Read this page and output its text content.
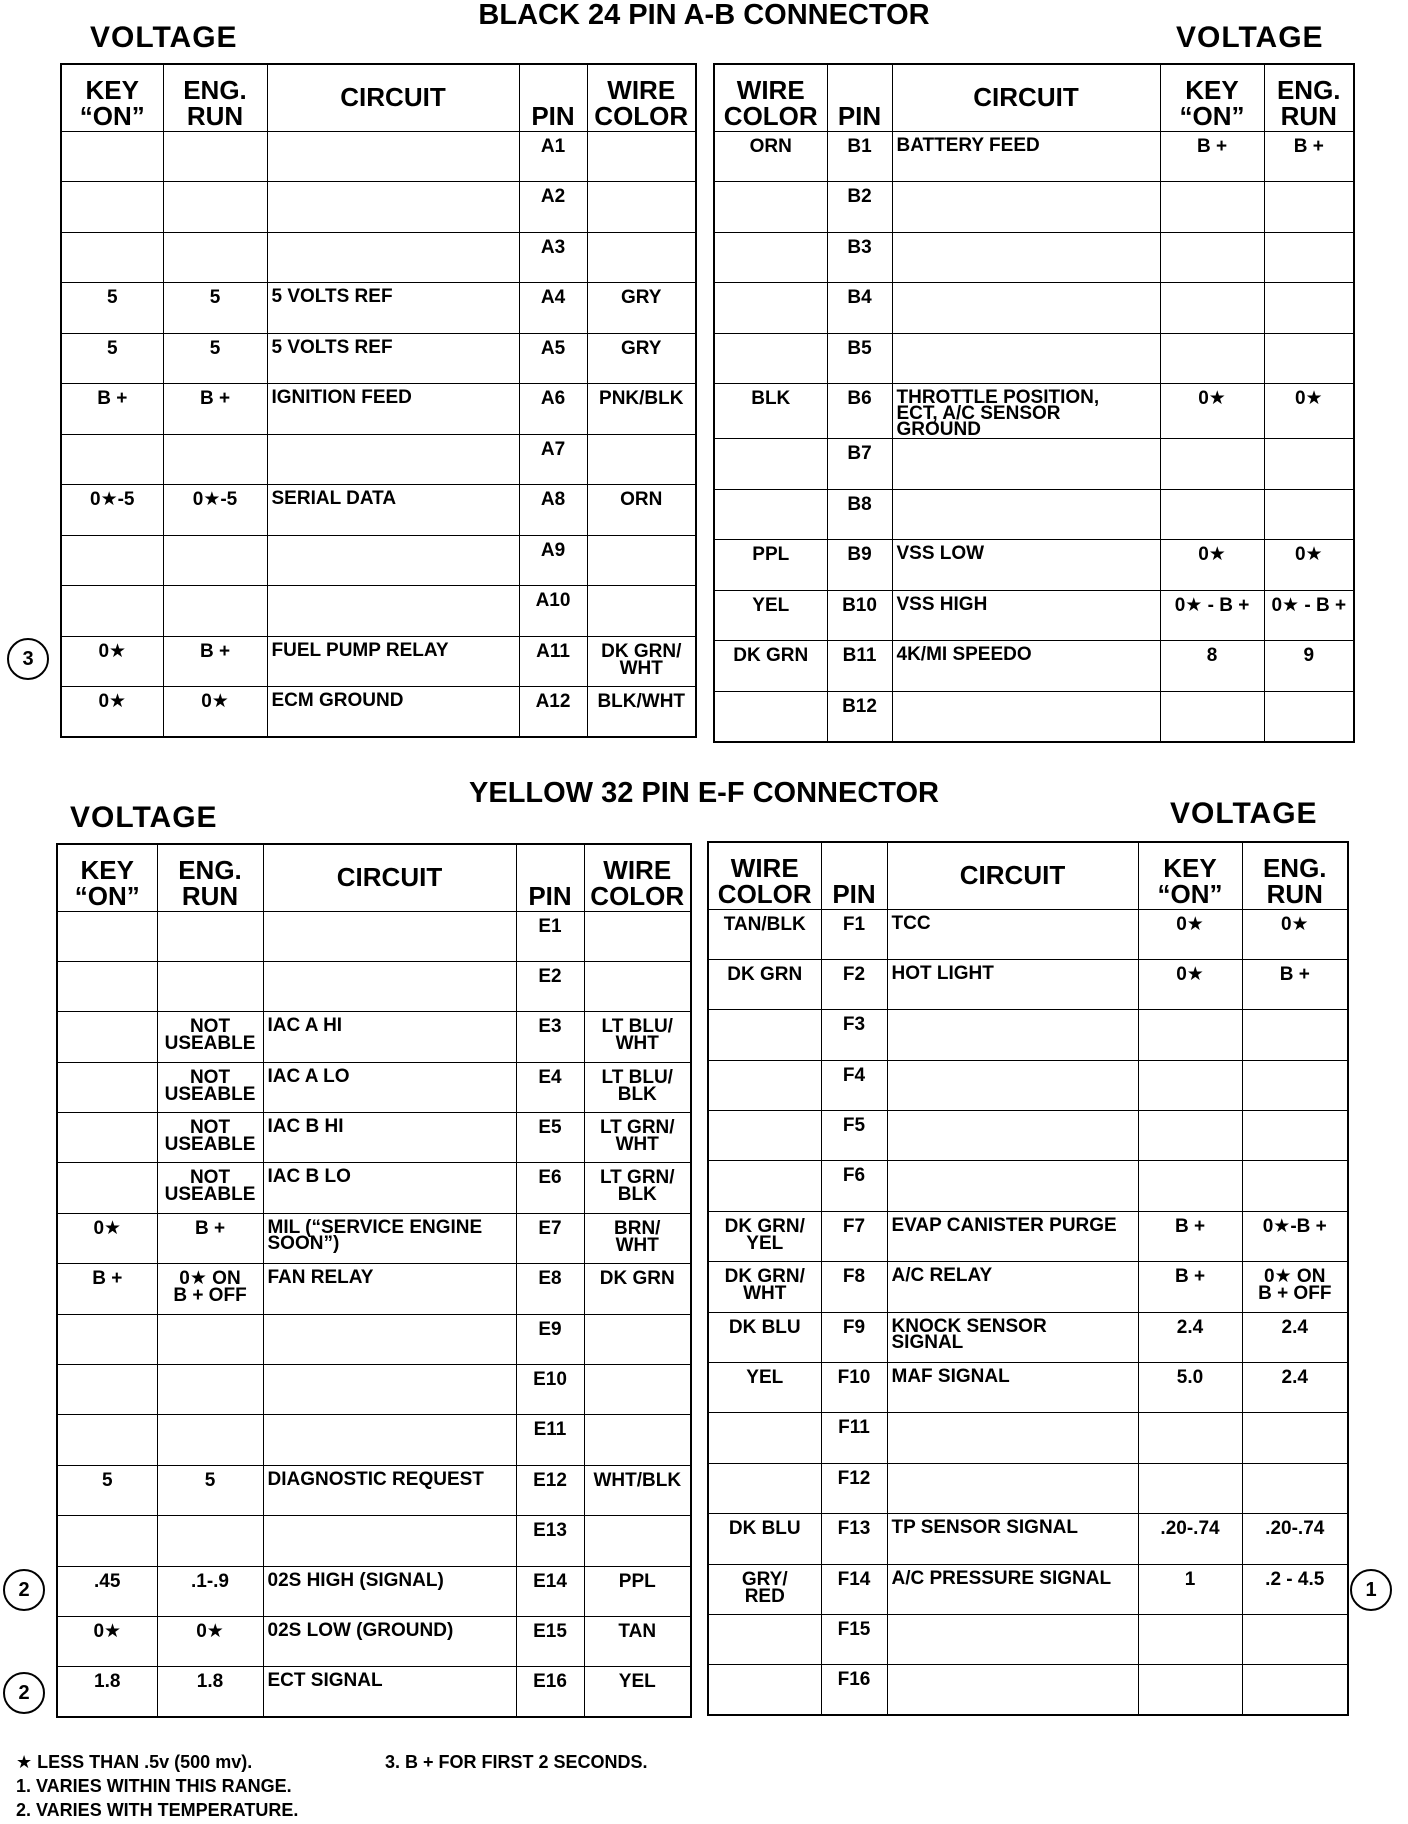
BLACK 24 PIN A-B CONNECTOR
VOLTAGE	VOLTAGE
KEY
“ON”	ENG.
RUN	CIRCUIT	PIN	WIRE
COLOR
			A1	
			A2	
			A3	
5	5	5 VOLTS REF	A4	GRY
5	5	5 VOLTS REF	A5	GRY
B +	B +	IGNITION FEED	A6	PNK/BLK
			A7	
0★-5	0★-5	SERIAL DATA	A8	ORN
			A9	
			A10	
0★	B +	FUEL PUMP RELAY	A11	DK GRN/
WHT
0★	0★	ECM GROUND	A12	BLK/WHT
WIRE
COLOR	PIN	CIRCUIT	KEY
“ON”	ENG.
RUN
ORN	B1	BATTERY FEED	B +	B +
	B2			
	B3			
	B4			
	B5			
BLK	B6	THROTTLE POSITION,
ECT, A/C SENSOR
GROUND	0★	0★
	B7			
	B8			
PPL	B9	VSS LOW	0★	0★
YEL	B10	VSS HIGH	0★ - B +	0★ - B +
DK GRN	B11	4K/MI SPEEDO	8	9
	B12			
3
YELLOW 32 PIN E-F CONNECTOR
VOLTAGE	VOLTAGE
KEY
“ON”	ENG.
RUN	CIRCUIT	PIN	WIRE
COLOR
			E1	
			E2	
	NOT
USEABLE	IAC A HI	E3	LT BLU/
WHT
	NOT
USEABLE	IAC A LO	E4	LT BLU/
BLK
	NOT
USEABLE	IAC B HI	E5	LT GRN/
WHT
	NOT
USEABLE	IAC B LO	E6	LT GRN/
BLK
0★	B +	MIL (“SERVICE ENGINE
SOON”)	E7	BRN/
WHT
B +	0★ ON
B + OFF	FAN RELAY	E8	DK GRN
			E9	
			E10	
			E11	
5	5	DIAGNOSTIC REQUEST	E12	WHT/BLK
			E13	
.45	.1-.9	02S HIGH (SIGNAL)	E14	PPL
0★	0★	02S LOW (GROUND)	E15	TAN
1.8	1.8	ECT SIGNAL	E16	YEL
WIRE
COLOR	PIN	CIRCUIT	KEY
“ON”	ENG.
RUN
TAN/BLK	F1	TCC	0★	0★
DK GRN	F2	HOT LIGHT	0★	B +
	F3			
	F4			
	F5			
	F6			
DK GRN/
YEL	F7	EVAP CANISTER PURGE	B +	0★-B +
DK GRN/
WHT	F8	A/C RELAY	B +	0★ ON
B + OFF
DK BLU	F9	KNOCK SENSOR
SIGNAL	2.4	2.4
YEL	F10	MAF SIGNAL	5.0	2.4
	F11			
	F12			
DK BLU	F13	TP SENSOR SIGNAL	.20-.74	.20-.74
GRY/
RED	F14	A/C PRESSURE SIGNAL	1	.2 - 4.5
	F15			
	F16			
2
2
1
★ LESS THAN .5v (500 mv).
1. VARIES WITHIN THIS RANGE.
2. VARIES WITH TEMPERATURE.
3. B + FOR FIRST 2 SECONDS.
